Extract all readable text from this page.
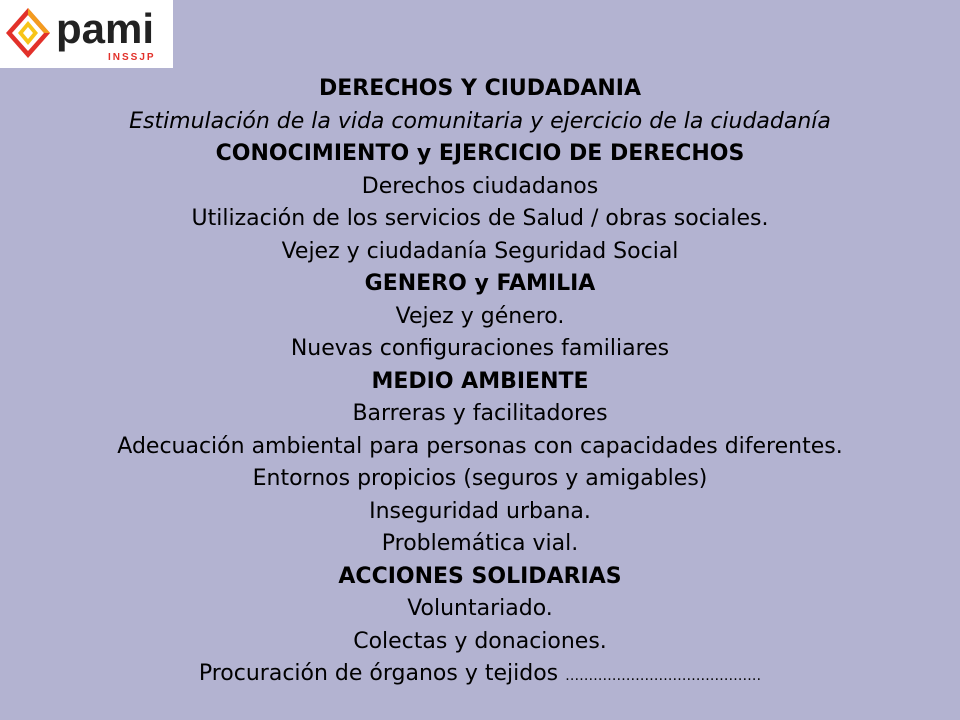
pami
INSSJP
DERECHOS Y CIUDADANIA
Estimulación de la vida comunitaria y ejercicio de la ciudadanía
CONOCIMIENTO y EJERCICIO DE DERECHOS
Derechos ciudadanos
Utilización de los servicios de Salud / obras sociales.
Vejez y ciudadanía Seguridad Social
GENERO y FAMILIA
Vejez y género.
Nuevas configuraciones familiares
MEDIO AMBIENTE
Barreras y facilitadores
Adecuación ambiental para personas con capacidades diferentes.
Entornos propicios (seguros y amigables)
Inseguridad urbana.
Problemática vial.
ACCIONES SOLIDARIAS
Voluntariado.
Colectas y donaciones.
Procuración de órganos y tejidos ……………………………………
